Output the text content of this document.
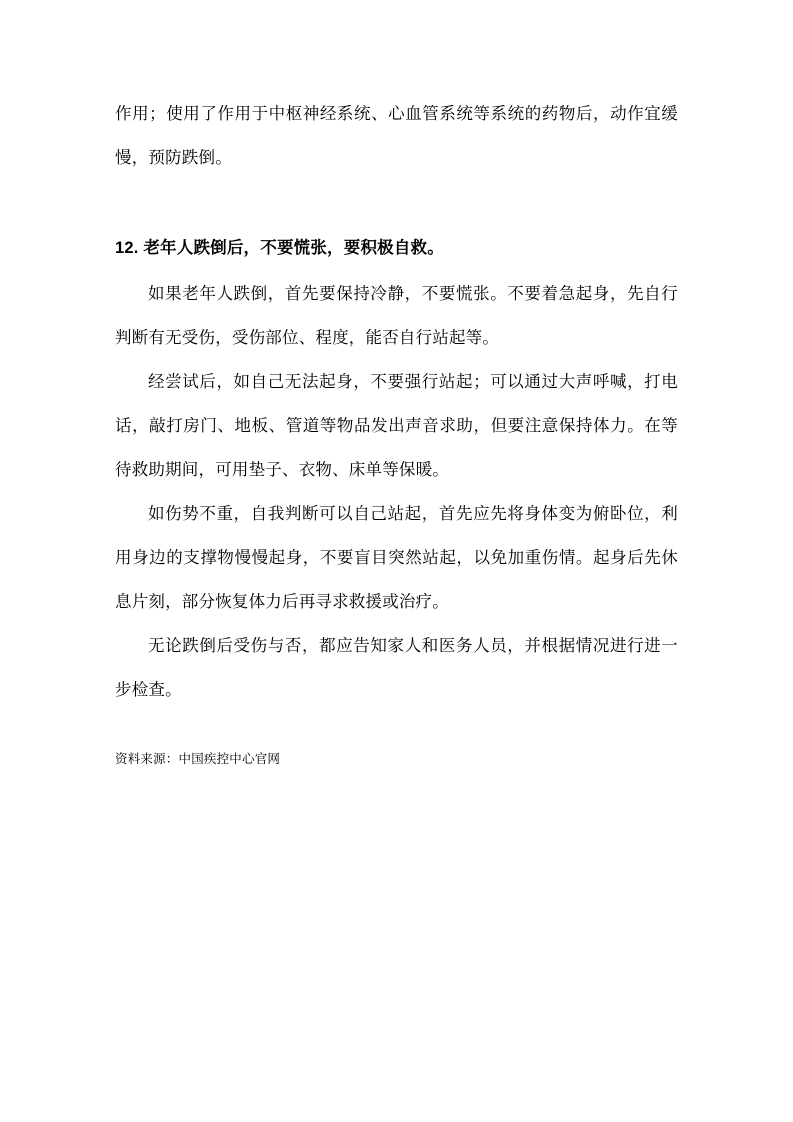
作用；使用了作用于中枢神经系统、心血管系统等系统的药物后，动作宜缓慢，预防跌倒。

12. 老年人跌倒后，不要慌张，要积极自救。

如果老年人跌倒，首先要保持冷静，不要慌张。不要着急起身，先自行判断有无受伤，受伤部位、程度，能否自行站起等。

经尝试后，如自己无法起身，不要强行站起；可以通过大声呼喊，打电话，敲打房门、地板、管道等物品发出声音求助，但要注意保持体力。在等待救助期间，可用垫子、衣物、床单等保暖。

如伤势不重，自我判断可以自己站起，首先应先将身体变为俯卧位，利用身边的支撑物慢慢起身，不要盲目突然站起，以免加重伤情。起身后先休息片刻，部分恢复体力后再寻求救援或治疗。

无论跌倒后受伤与否，都应告知家人和医务人员，并根据情况进行进一步检查。

资料来源：中国疾控中心官网
